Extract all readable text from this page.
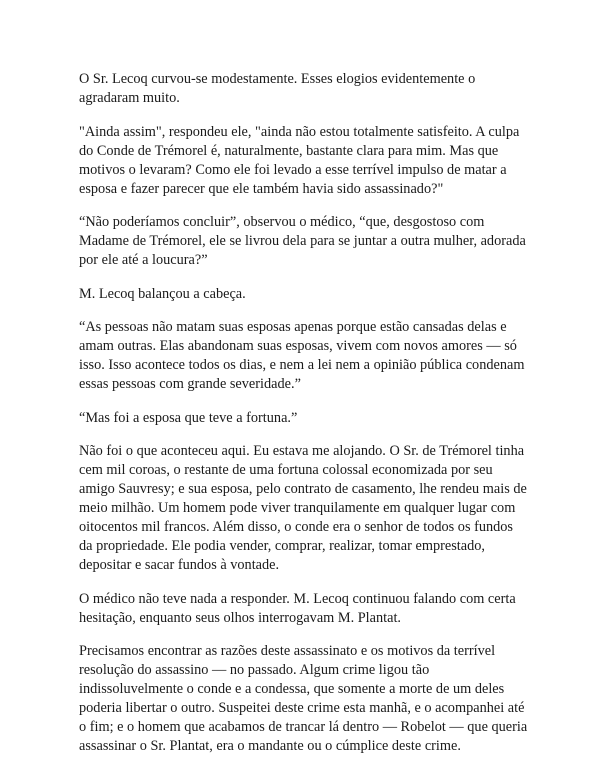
O Sr. Lecoq curvou-se modestamente. Esses elogios evidentemente o agradaram muito.

"Ainda assim", respondeu ele, "ainda não estou totalmente satisfeito. A culpa do Conde de Trémorel é, naturalmente, bastante clara para mim. Mas que motivos o levaram? Como ele foi levado a esse terrível impulso de matar a esposa e fazer parecer que ele também havia sido assassinado?"

“Não poderíamos concluir”, observou o médico, “que, desgostoso com Madame de Trémorel, ele se livrou dela para se juntar a outra mulher, adorada por ele até a loucura?”

M. Lecoq balançou a cabeça.

“As pessoas não matam suas esposas apenas porque estão cansadas delas e amam outras. Elas abandonam suas esposas, vivem com novos amores — só isso. Isso acontece todos os dias, e nem a lei nem a opinião pública condenam essas pessoas com grande severidade.”

“Mas foi a esposa que teve a fortuna.”

Não foi o que aconteceu aqui. Eu estava me alojando. O Sr. de Trémorel tinha cem mil coroas, o restante de uma fortuna colossal economizada por seu amigo Sauvresy; e sua esposa, pelo contrato de casamento, lhe rendeu mais de meio milhão. Um homem pode viver tranquilamente em qualquer lugar com oitocentos mil francos. Além disso, o conde era o senhor de todos os fundos da propriedade. Ele podia vender, comprar, realizar, tomar emprestado, depositar e sacar fundos à vontade.

O médico não teve nada a responder. M. Lecoq continuou falando com certa hesitação, enquanto seus olhos interrogavam M. Plantat.

Precisamos encontrar as razões deste assassinato e os motivos da terrível resolução do assassino — no passado. Algum crime ligou tão indissoluvelmente o conde e a condessa, que somente a morte de um deles poderia libertar o outro. Suspeitei deste crime esta manhã, e o acompanhei até o fim; e o homem que acabamos de trancar lá dentro — Robelot — que queria assassinar o Sr. Plantat, era o mandante ou o cúmplice deste crime.
